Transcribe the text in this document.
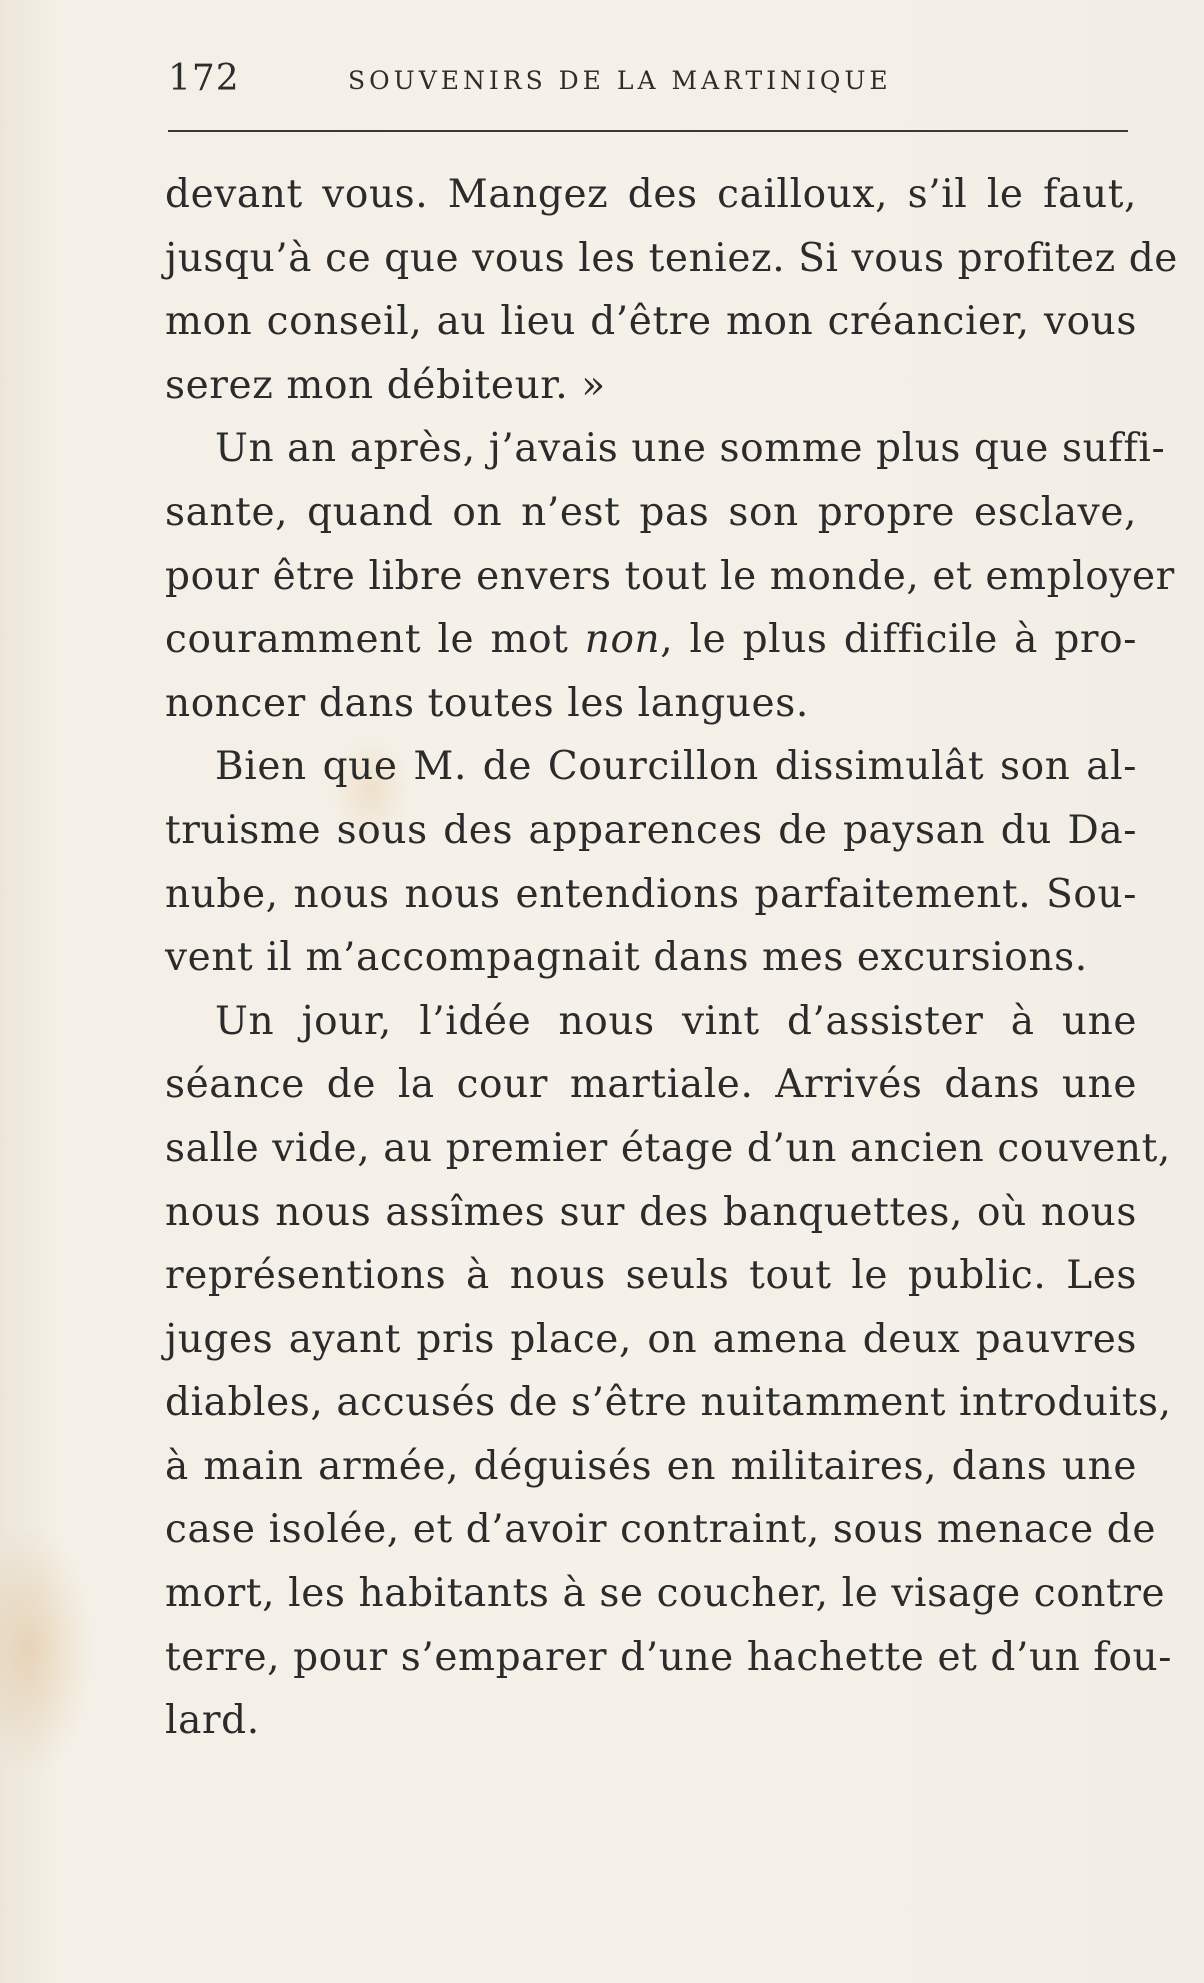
172	SOUVENIRS DE LA MARTINIQUE
devant vous. Mangez des cailloux, s’il le faut,
jusqu’à ce que vous les teniez. Si vous profitez de
mon conseil, au lieu d’être mon créancier, vous
serez mon débiteur. »
Un an après, j’avais une somme plus que suffi-
sante, quand on n’est pas son propre esclave,
pour être libre envers tout le monde, et employer
couramment le mot non, le plus difficile à pro-
noncer dans toutes les langues.
Bien que M. de Courcillon dissimulât son al-
truisme sous des apparences de paysan du Da-
nube, nous nous entendions parfaitement. Sou-
vent il m’accompagnait dans mes excursions.
Un jour, l’idée nous vint d’assister à une
séance de la cour martiale. Arrivés dans une
salle vide, au premier étage d’un ancien couvent,
nous nous assîmes sur des banquettes, où nous
représentions à nous seuls tout le public. Les
juges ayant pris place, on amena deux pauvres
diables, accusés de s’être nuitamment introduits,
à main armée, déguisés en militaires, dans une
case isolée, et d’avoir contraint, sous menace de
mort, les habitants à se coucher, le visage contre
terre, pour s’emparer d’une hachette et d’un fou-
lard.
